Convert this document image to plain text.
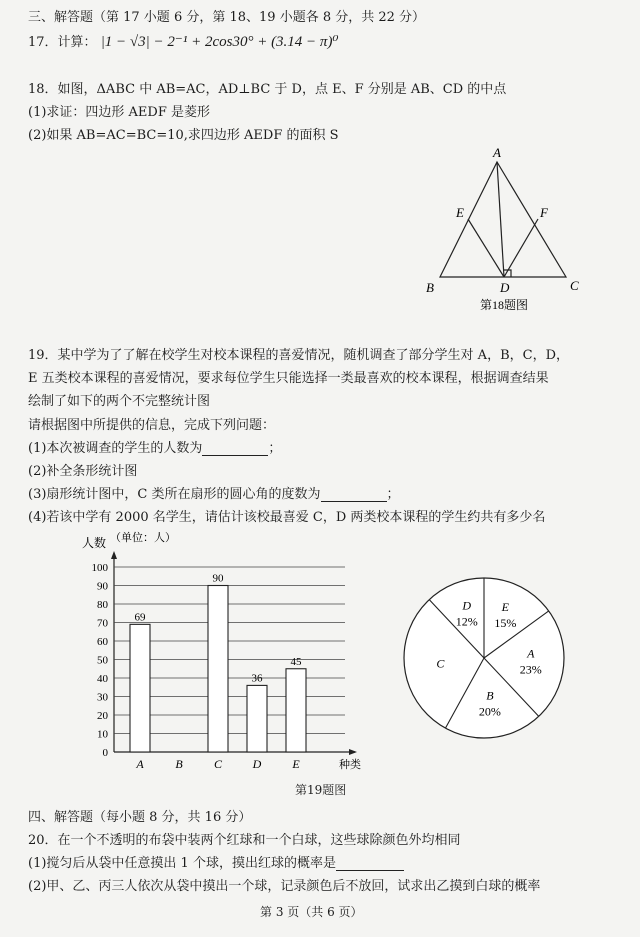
三、解答题（第 17 小题 6 分，第 18、19 小题各 8 分，共 22 分）
17．计算： |1 − √3| − 2⁻¹ + 2cos30° + (3.14 − π)⁰
18．如图，ΔABC 中 AB=AC，AD⊥BC 于 D，点 E、F 分别是 AB、CD 的中点
(1)求证：四边形 AEDF 是菱形
(2)如果 AB=AC=BC=10,求四边形 AEDF 的面积 S
A
E	F
B	D	C
第18题图
19．某中学为了了解在校学生对校本课程的喜爱情况，随机调查了部分学生对 A，B，C，D，
E 五类校本课程的喜爱情况，要求每位学生只能选择一类最喜欢的校本课程，根据调查结果
绘制了如下的两个不完整统计图
请根据图中所提供的信息，完成下列问题：
(1)本次被调查的学生的人数为	；
(2)补全条形统计图
(3)扇形统计图中，C 类所在扇形的圆心角的度数为	；
(4)若该中学有 2000 名学生，请估计该校最喜爱 C，D 两类校本课程的学生约共有多少名
人数 （单位：人）
0
10
20
30
40
50
60
70
80
90
100
69
A	B
90
C
36
D
45
E	种类
E
15%
A
23%
B
20%
C
D
12%
第19题图
四、解答题（每小题 8 分，共 16 分）
20．在一个不透明的布袋中装两个红球和一个白球，这些球除颜色外均相同
(1)搅匀后从袋中任意摸出 1 个球，摸出红球的概率是
(2)甲、乙、丙三人依次从袋中摸出一个球，记录颜色后不放回，试求出乙摸到白球的概率
第 3 页（共 6 页）
